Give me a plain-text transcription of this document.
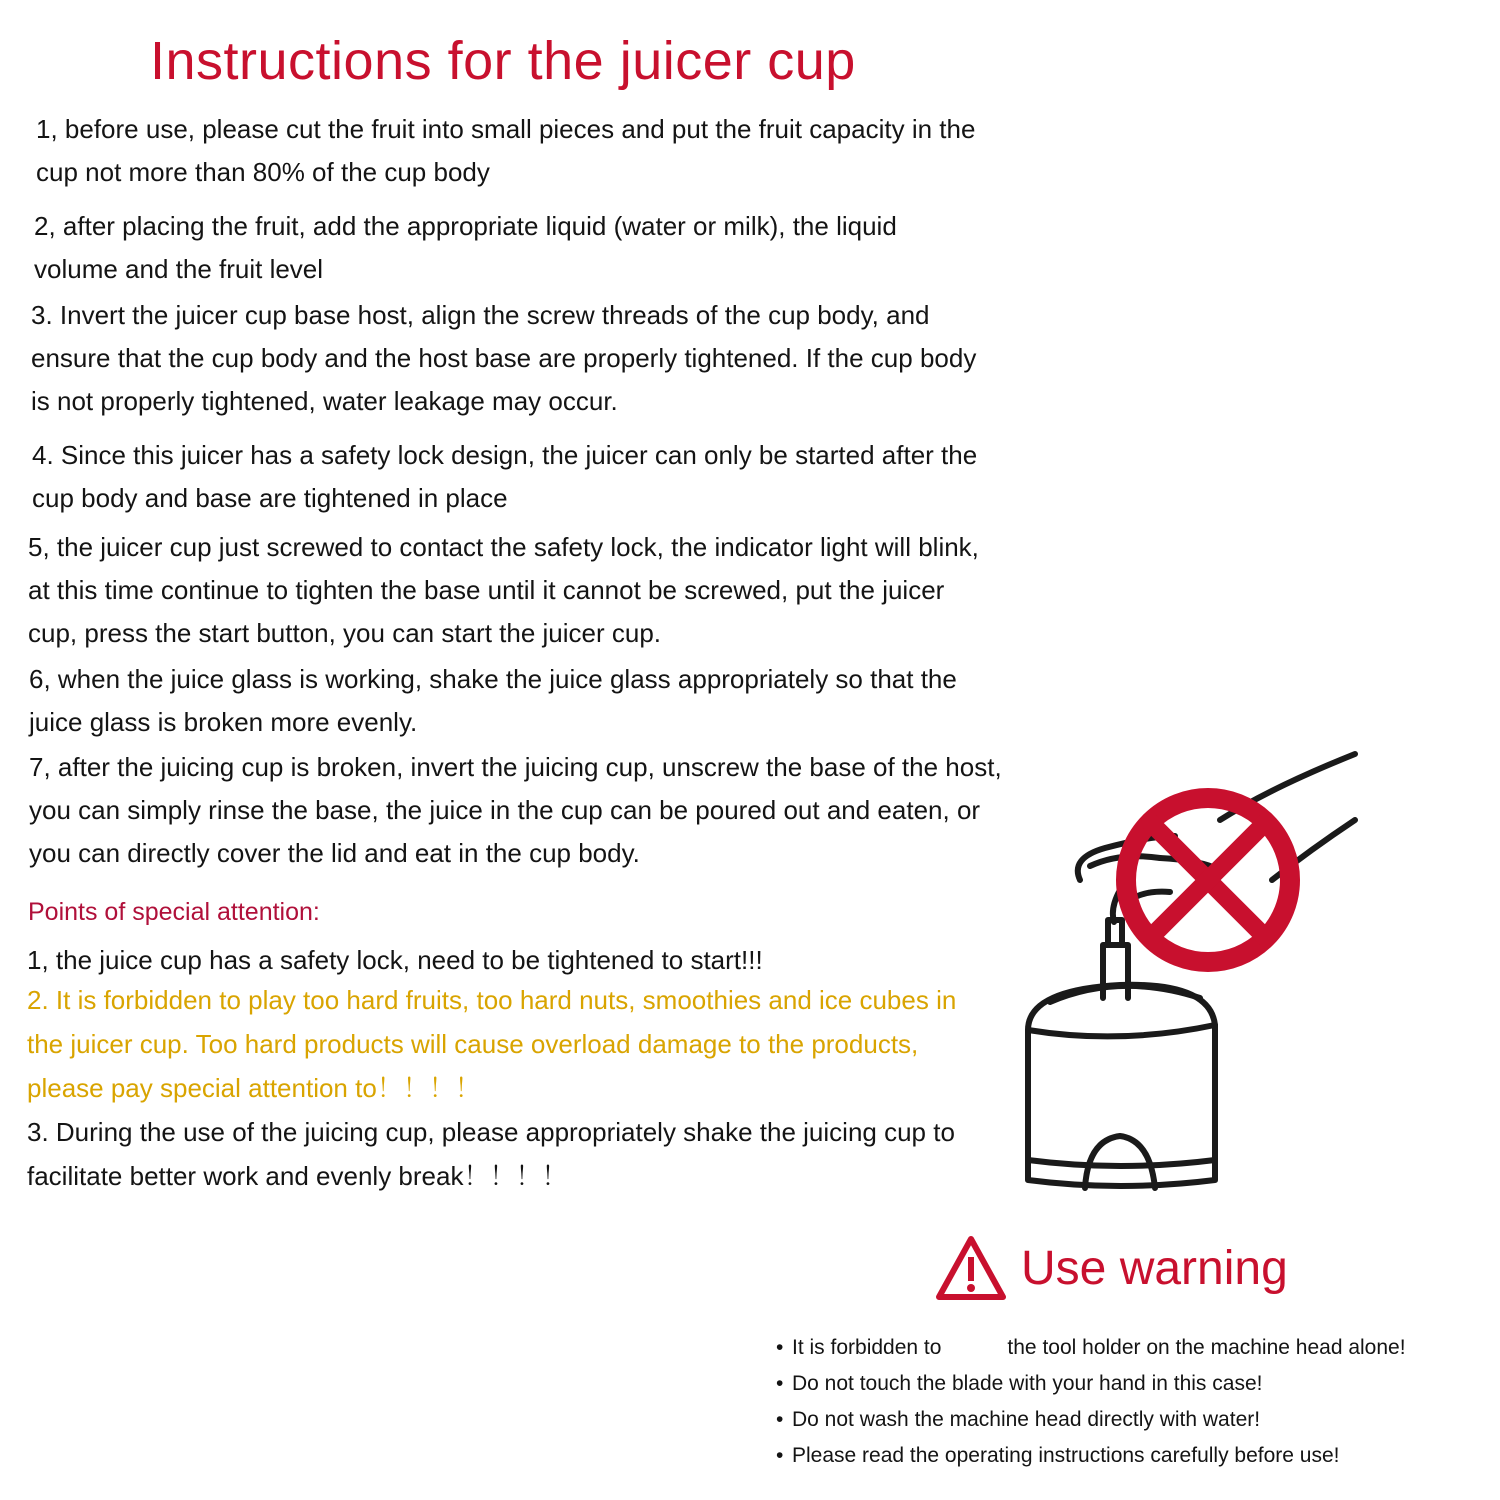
Instructions for the juicer cup
1, before use, please cut the fruit into small pieces and put the fruit capacity in the
cup not more than 80% of the cup body
2, after placing the fruit, add the appropriate liquid (water or milk), the liquid
volume and the fruit level
3. Invert the juicer cup base host, align the screw threads of the cup body, and
ensure that the cup body and the host base are properly tightened. If the cup body
is not properly tightened, water leakage may occur.
4. Since this juicer has a safety lock design, the juicer can only be started after the
cup body and base are tightened in place
5, the juicer cup just screwed to contact the safety lock, the indicator light will blink,
at this time continue to tighten the base until it cannot be screwed, put the juicer
cup, press the start button, you can start the juicer cup.
6, when the juice glass is working, shake the juice glass appropriately so that the
juice glass is broken more evenly.
7, after the juicing cup is broken, invert the juicing cup, unscrew the base of the host,
you can simply rinse the base, the juice in the cup can be poured out and eaten, or
you can directly cover the lid and eat in the cup body.
Points of special attention:
1, the juice cup has a safety lock, need to be tightened to start!!!
2. It is forbidden to play too hard fruits, too hard nuts, smoothies and ice cubes in
the juicer cup. Too hard products will cause overload damage to the products,
please pay special attention to！！！！
3. During the use of the juicing cup, please appropriately shake the juicing cup to
facilitate better work and evenly break！！！！
Use warning
• It is forbidden to	the tool holder on the machine head alone!
• Do not touch the blade with your hand in this case!
• Do not wash the machine head directly with water!
• Please read the operating instructions carefully before use!
